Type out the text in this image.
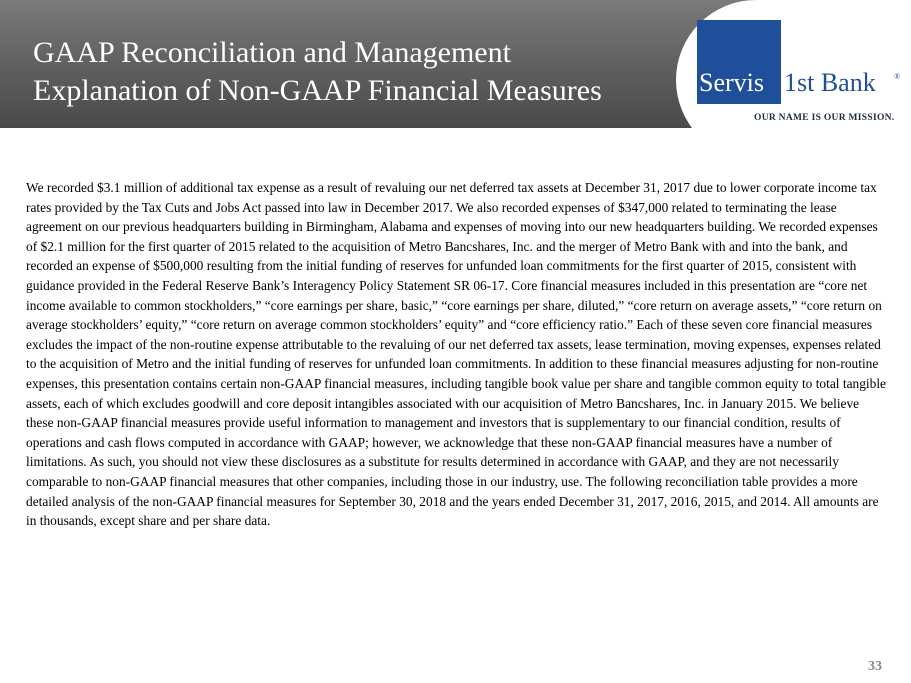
GAAP Reconciliation and Management
Explanation of Non-GAAP Financial Measures	Servis 1st Bank ®
OUR NAME IS OUR MISSION.

We recorded $3.1 million of additional tax expense as a result of revaluing our net deferred tax assets at December 31, 2017 due to lower corporate income tax rates provided by the Tax Cuts and Jobs Act passed into law in December 2017. We also recorded expenses of $347,000 related to terminating the lease agreement on our previous headquarters building in Birmingham, Alabama and expenses of moving into our new headquarters building. We recorded expenses of $2.1 million for the first quarter of 2015 related to the acquisition of Metro Bancshares, Inc. and the merger of Metro Bank with and into the bank, and recorded an expense of $500,000 resulting from the initial funding of reserves for unfunded loan commitments for the first quarter of 2015, consistent with guidance provided in the Federal Reserve Bank’s Interagency Policy Statement SR 06-17. Core financial measures included in this presentation are “core net income available to common stockholders,” “core earnings per share, basic,” “core earnings per share, diluted,” “core return on average assets,” “core return on average stockholders’ equity,” “core return on average common stockholders’ equity” and “core efficiency ratio.” Each of these seven core financial measures excludes the impact of the non-routine expense attributable to the revaluing of our net deferred tax assets, lease termination, moving expenses, expenses related to the acquisition of Metro and the initial funding of reserves for unfunded loan commitments. In addition to these financial measures adjusting for non-routine expenses, this presentation contains certain non-GAAP financial measures, including tangible book value per share and tangible common equity to total tangible assets, each of which excludes goodwill and core deposit intangibles associated with our acquisition of Metro Bancshares, Inc. in January 2015. We believe these non-GAAP financial measures provide useful information to management and investors that is supplementary to our financial condition, results of operations and cash flows computed in accordance with GAAP; however, we acknowledge that these non-GAAP financial measures have a number of limitations. As such, you should not view these disclosures as a substitute for results determined in accordance with GAAP, and they are not necessarily comparable to non-GAAP financial measures that other companies, including those in our industry, use. The following reconciliation table provides a more detailed analysis of the non-GAAP financial measures for September 30, 2018 and the years ended December 31, 2017, 2016, 2015, and 2014. All amounts are in thousands, except share and per share data.

33
